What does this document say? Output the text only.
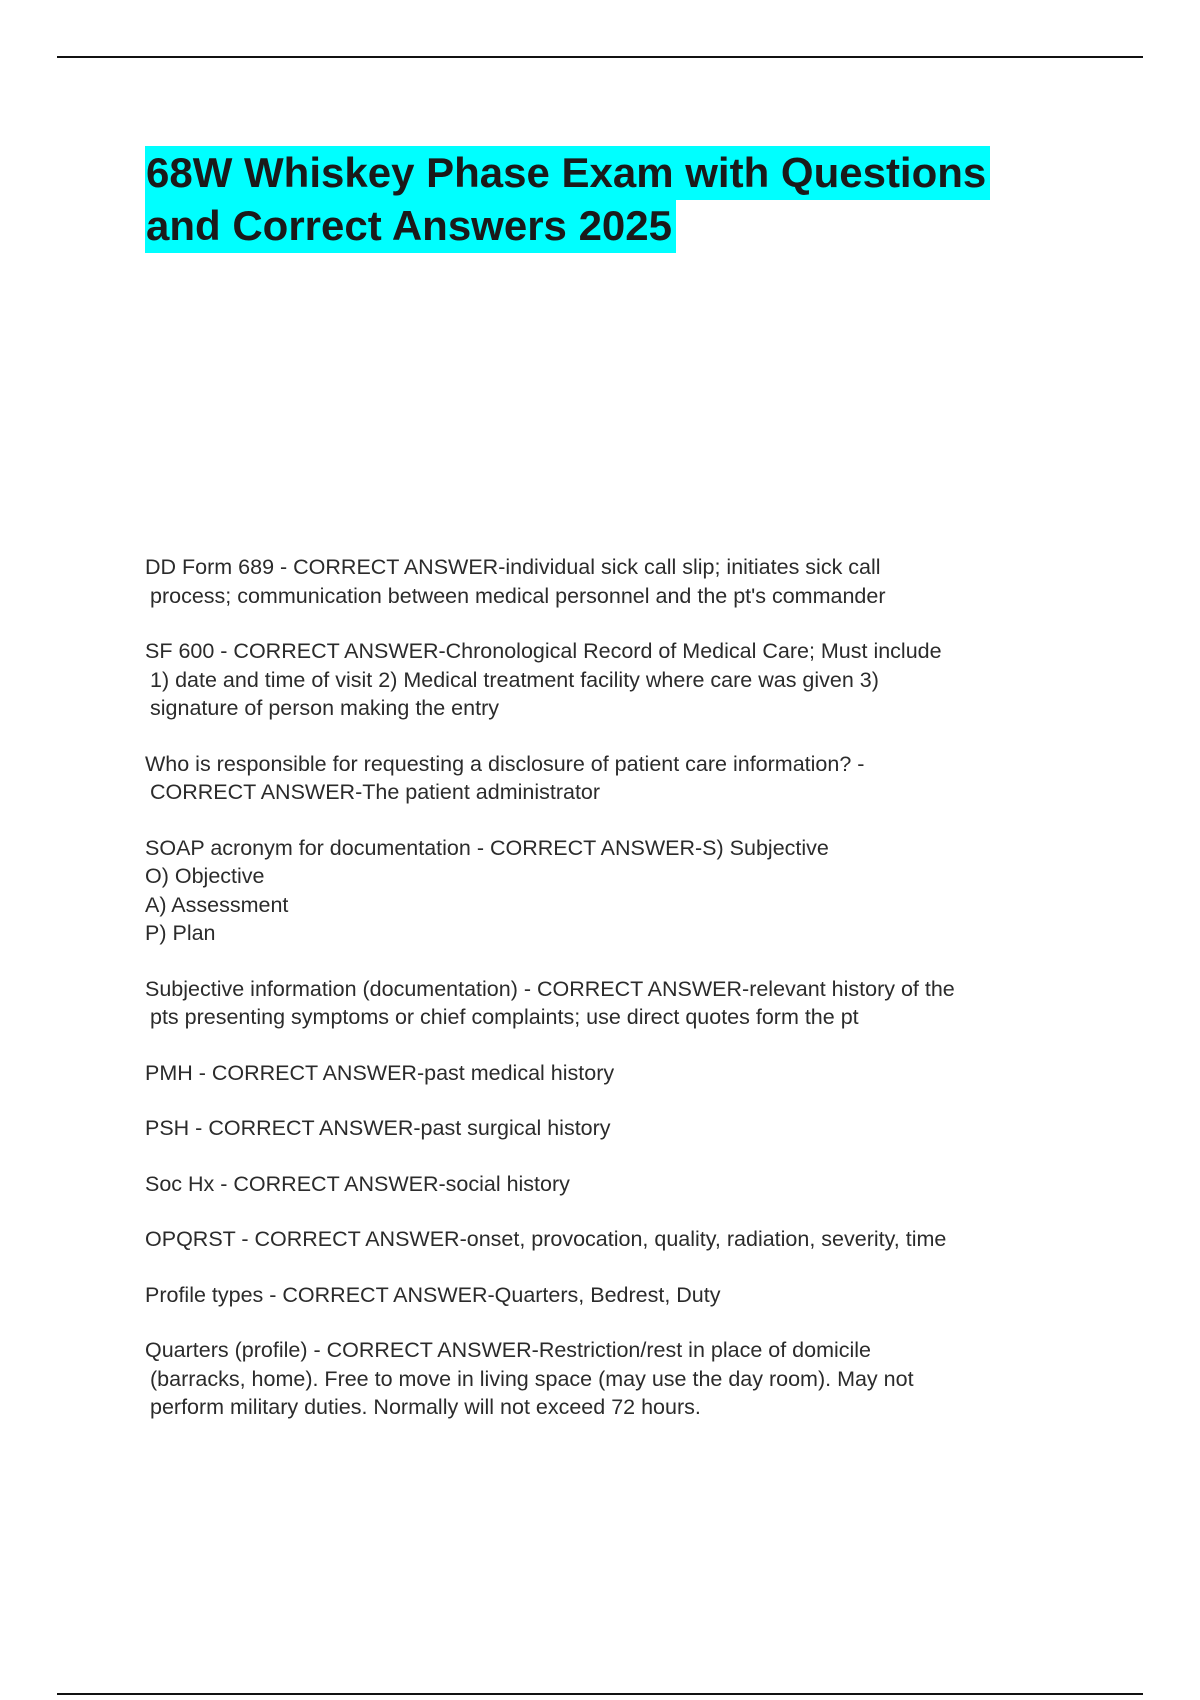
68W Whiskey Phase Exam with Questions
and Correct Answers 2025
DD Form 689 - CORRECT ANSWER-individual sick call slip; initiates sick call
process; communication between medical personnel and the pt's commander
SF 600 - CORRECT ANSWER-Chronological Record of Medical Care; Must include
1) date and time of visit 2) Medical treatment facility where care was given 3)
signature of person making the entry
Who is responsible for requesting a disclosure of patient care information? -
CORRECT ANSWER-The patient administrator
SOAP acronym for documentation - CORRECT ANSWER-S) Subjective
O) Objective
A) Assessment
P) Plan
Subjective information (documentation) - CORRECT ANSWER-relevant history of the
pts presenting symptoms or chief complaints; use direct quotes form the pt
PMH - CORRECT ANSWER-past medical history
PSH - CORRECT ANSWER-past surgical history
Soc Hx - CORRECT ANSWER-social history
OPQRST - CORRECT ANSWER-onset, provocation, quality, radiation, severity, time
Profile types - CORRECT ANSWER-Quarters, Bedrest, Duty
Quarters (profile) - CORRECT ANSWER-Restriction/rest in place of domicile
(barracks, home). Free to move in living space (may use the day room). May not
perform military duties. Normally will not exceed 72 hours.
